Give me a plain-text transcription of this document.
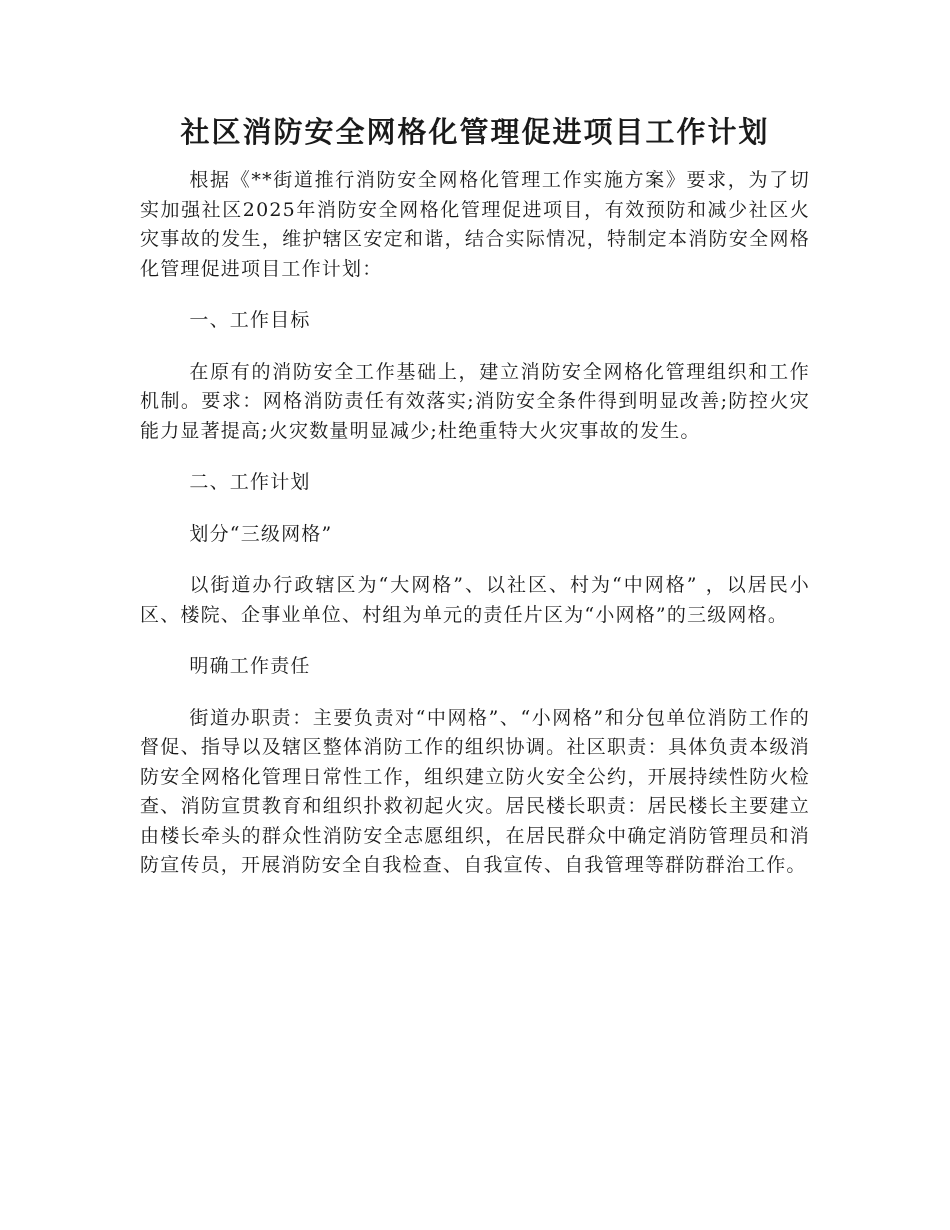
社区消防安全网格化管理促进项目工作计划

根据《**街道推行消防安全网格化管理工作实施方案》要求，为了切实加强社区2025年消防安全网格化管理促进项目，有效预防和减少社区火灾事故的发生，维护辖区安定和谐，结合实际情况，特制定本消防安全网格化管理促进项目工作计划：

一、工作目标

在原有的消防安全工作基础上，建立消防安全网格化管理组织和工作机制。要求：网格消防责任有效落实;消防安全条件得到明显改善;防控火灾能力显著提高;火灾数量明显减少;杜绝重特大火灾事故的发生。

二、工作计划

划分“三级网格”

以街道办行政辖区为“大网格”、以社区、村为“中网格” ，以居民小区、楼院、企事业单位、村组为单元的责任片区为“小网格”的三级网格。

明确工作责任

街道办职责：主要负责对“中网格”、“小网格”和分包单位消防工作的督促、指导以及辖区整体消防工作的组织协调。社区职责：具体负责本级消防安全网格化管理日常性工作，组织建立防火安全公约，开展持续性防火检查、消防宣贯教育和组织扑救初起火灾。居民楼长职责：居民楼长主要建立由楼长牵头的群众性消防安全志愿组织，在居民群众中确定消防管理员和消防宣传员，开展消防安全自我检查、自我宣传、自我管理等群防群治工作。
